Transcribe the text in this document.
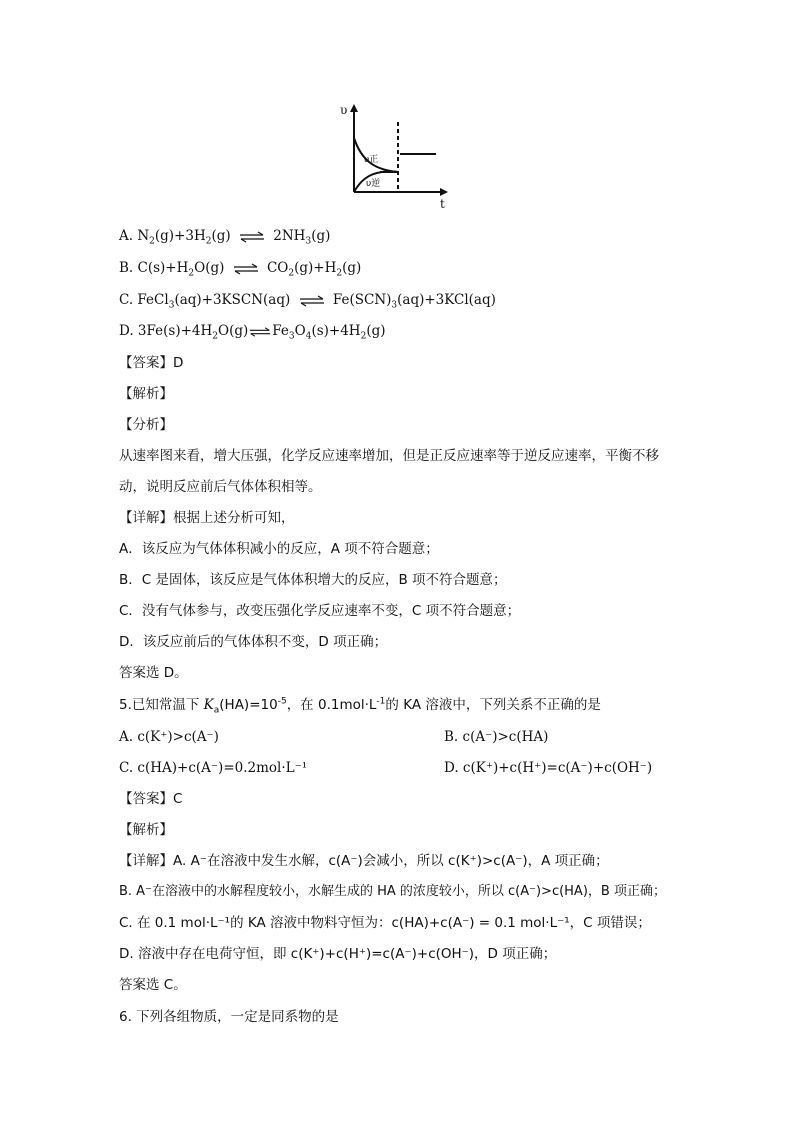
υ
t
υ正
υ逆
A. $N_2(g)+3H_2(g)$ ⇌ $2NH_3(g)$
B. $C(s)+H_2O(g)$ ⇌ $CO_2(g)+H_2(g)$
C. FeCl$_3$(aq)+3KSCN(aq) ⇌ $Fe(SCN)_3(aq)+3KCl(aq)$
D. $3Fe(s)+4H_2O(g)\rightleftharpoons Fe_3O_4(s)+4H_2(g)$
【答案】D
【解析】
【分析】
从速率图来看，增大压强，化学反应速率增加，但是正反应速率等于逆反应速率，平衡不移
动，说明反应前后气体体积相等。
【详解】根据上述分析可知，
A．该反应为气体体积减小的反应，A 项不符合题意；
B．C 是固体，该反应是气体体积增大的反应，B 项不符合题意；
C．没有气体参与，改变压强化学反应速率不变，C 项不符合题意；
D．该反应前后的气体体积不变，D 项正确；
答案选 D。
5.已知常温下 $K_a(HA)=10^{-5}$，在 $0.1mol\cdot L^{-1}$的 KA 溶液中，下列关系不正确的是
A. c(K⁺)>c(A⁻)	B. c(A⁻)>c(HA)
C. c(HA)+c(A⁻)=0.2mol·L⁻¹	D. c(K⁺)+c(H⁺)=c(A⁻)+c(OH⁻)
【答案】C
【解析】
【详解】A. A⁻在溶液中发生水解，c(A⁻)会减小，所以 c(K⁺)>c(A⁻)，A 项正确；
B. A⁻在溶液中的水解程度较小，水解生成的 HA 的浓度较小，所以 c(A⁻)>c(HA)，B 项正确；
C. 在 0.1 mol·L⁻¹的 KA 溶液中物料守恒为：c(HA)+c(A⁻) = 0.1 mol·L⁻¹，C 项错误；
D. 溶液中存在电荷守恒，即 c(K⁺)+c(H⁺)=c(A⁻)+c(OH⁻)，D 项正确；
答案选 C。
6. 下列各组物质，一定是同系物的是
